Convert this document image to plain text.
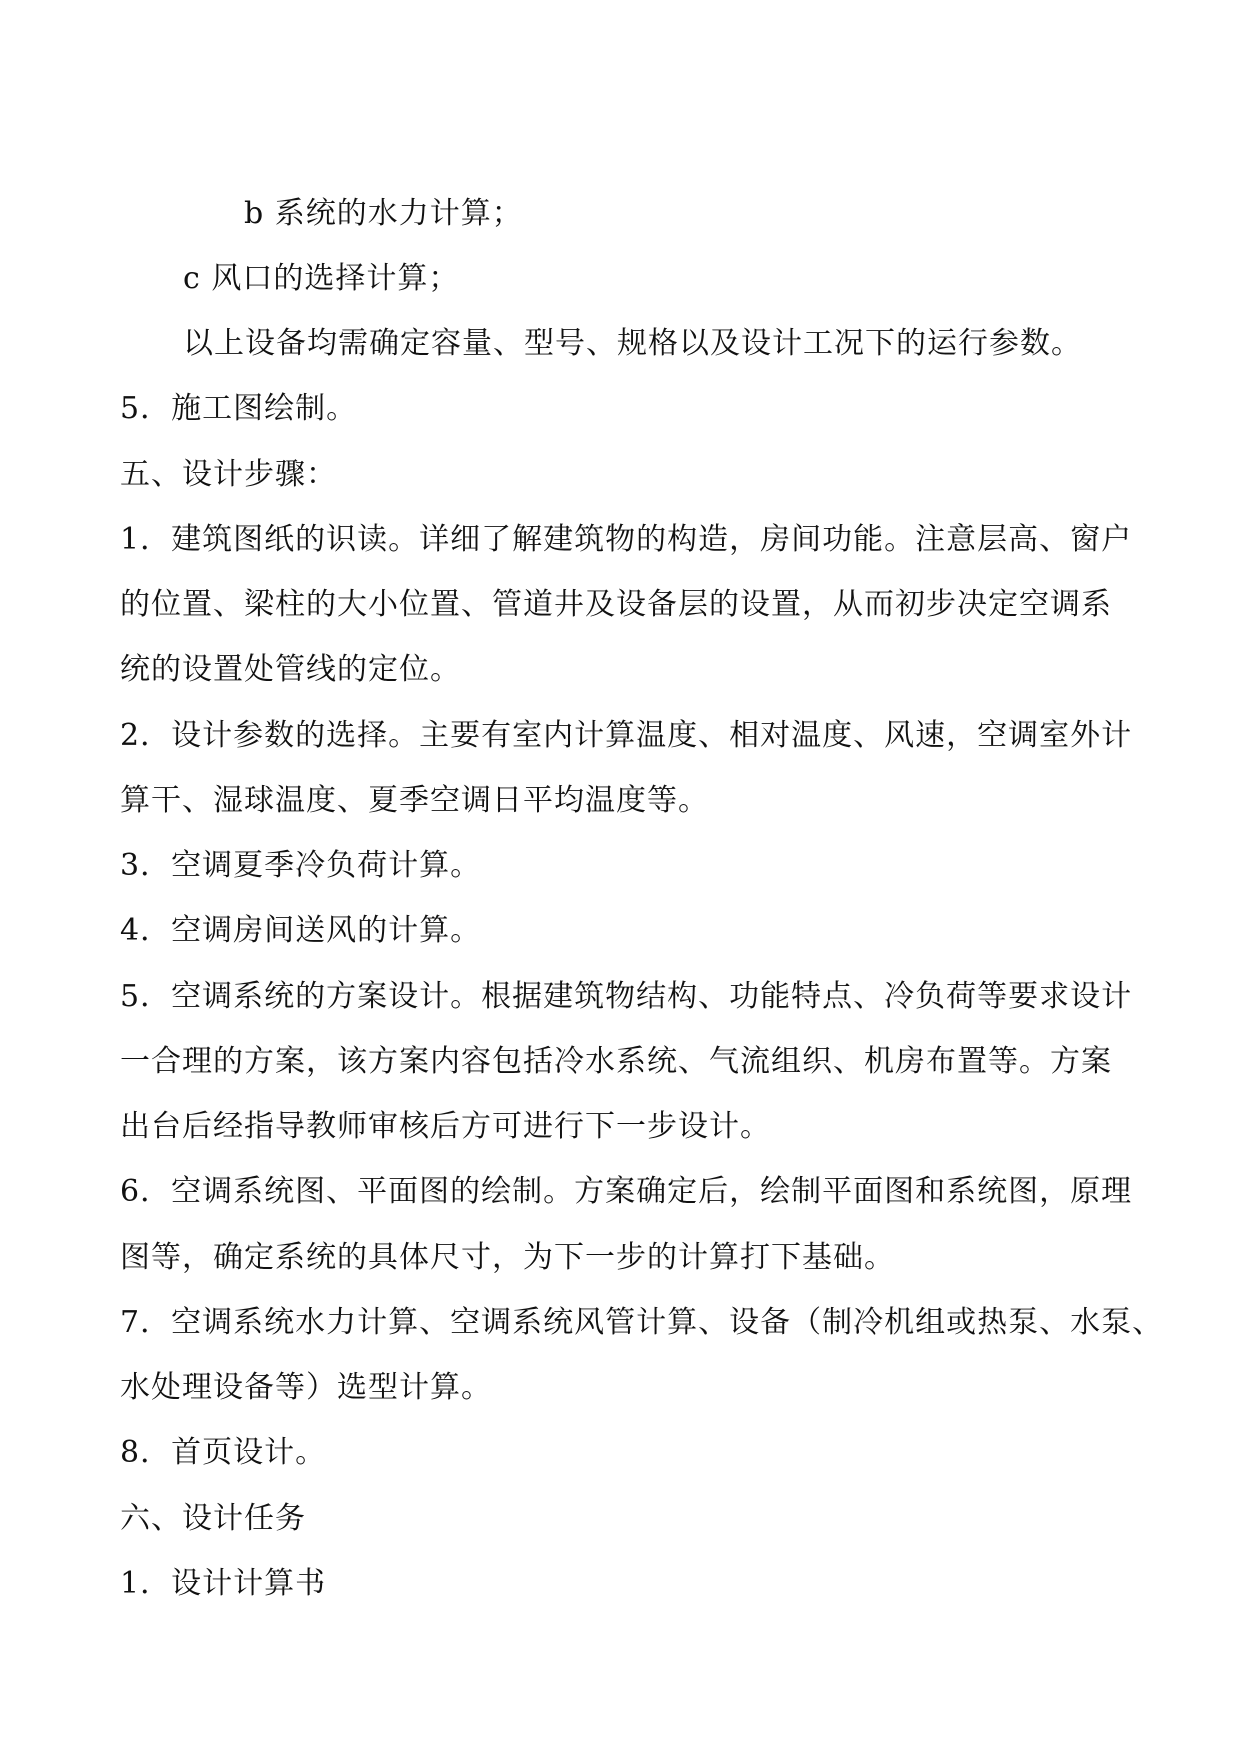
b 系统的水力计算；
c 风口的选择计算；
以上设备均需确定容量、型号、规格以及设计工况下的运行参数。
5．施工图绘制。
五、设计步骤：
1．建筑图纸的识读。详细了解建筑物的构造，房间功能。注意层高、窗户
的位置、梁柱的大小位置、管道井及设备层的设置，从而初步决定空调系
统的设置处管线的定位。
2．设计参数的选择。主要有室内计算温度、相对温度、风速，空调室外计
算干、湿球温度、夏季空调日平均温度等。
3．空调夏季冷负荷计算。
4．空调房间送风的计算。
5．空调系统的方案设计。根据建筑物结构、功能特点、冷负荷等要求设计
一合理的方案，该方案内容包括冷水系统、气流组织、机房布置等。方案
出台后经指导教师审核后方可进行下一步设计。
6．空调系统图、平面图的绘制。方案确定后，绘制平面图和系统图，原理
图等，确定系统的具体尺寸，为下一步的计算打下基础。
7．空调系统水力计算、空调系统风管计算、设备（制冷机组或热泵、水泵、
水处理设备等）选型计算。
8．首页设计。
六、设计任务
1．设计计算书
